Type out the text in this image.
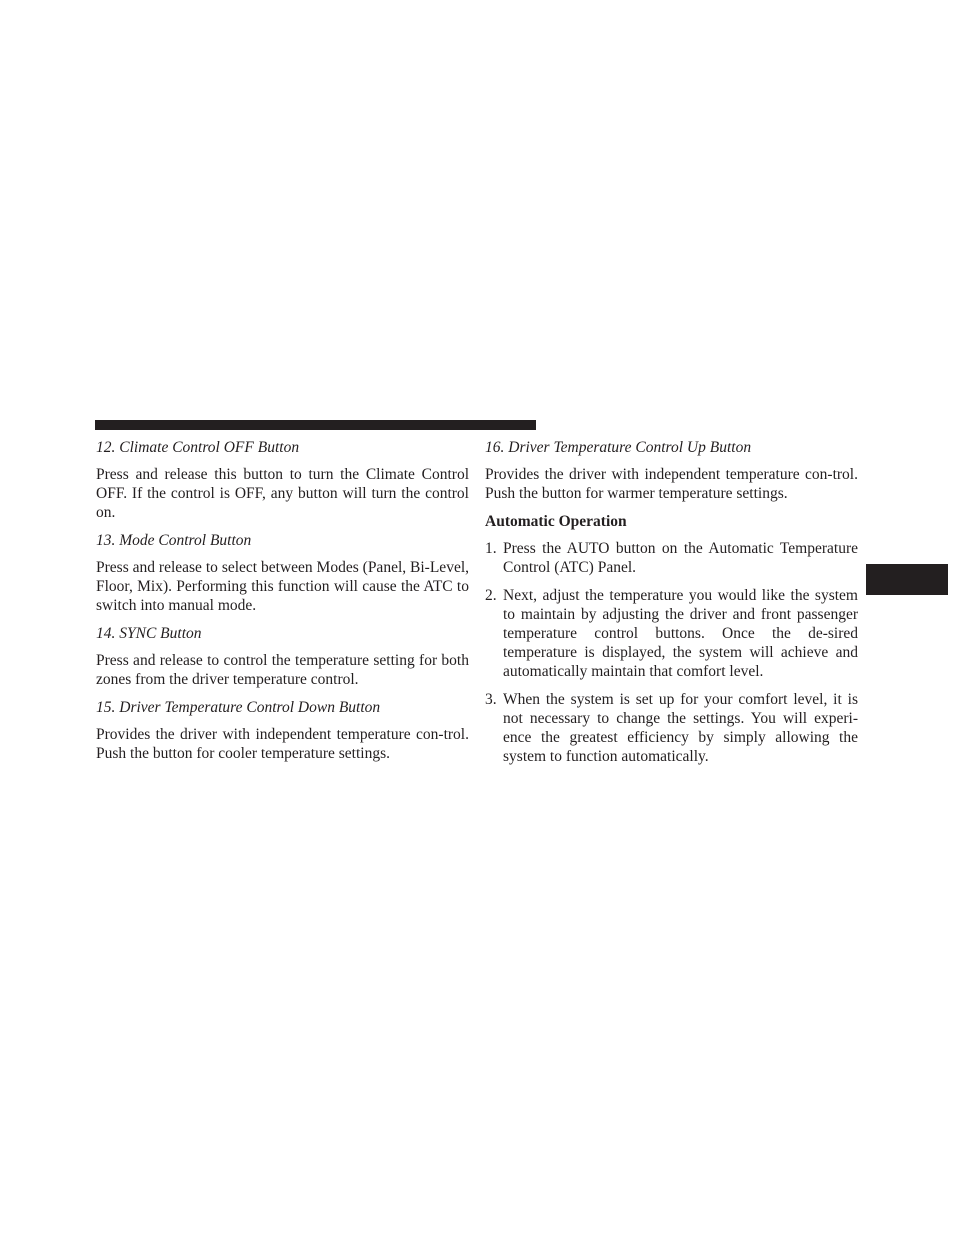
12. Climate Control OFF Button

Press and release this button to turn the Climate Control OFF. If the control is OFF, any button will turn the control on.

13. Mode Control Button

Press and release to select between Modes (Panel, Bi-Level, Floor, Mix). Performing this function will cause the ATC to switch into manual mode.

14. SYNC Button

Press and release to control the temperature setting for both zones from the driver temperature control.

15. Driver Temperature Control Down Button

Provides the driver with independent temperature con-trol. Push the button for cooler temperature settings.

16. Driver Temperature Control Up Button

Provides the driver with independent temperature con-trol. Push the button for warmer temperature settings.

Automatic Operation

1. Press the AUTO button on the Automatic Temperature Control (ATC) Panel.
2. Next, adjust the temperature you would like the system to maintain by adjusting the driver and front passenger temperature control buttons. Once the de-sired temperature is displayed, the system will achieve and automatically maintain that comfort level.
3. When the system is set up for your comfort level, it is not necessary to change the settings. You will experi-ence the greatest efficiency by simply allowing the system to function automatically.
